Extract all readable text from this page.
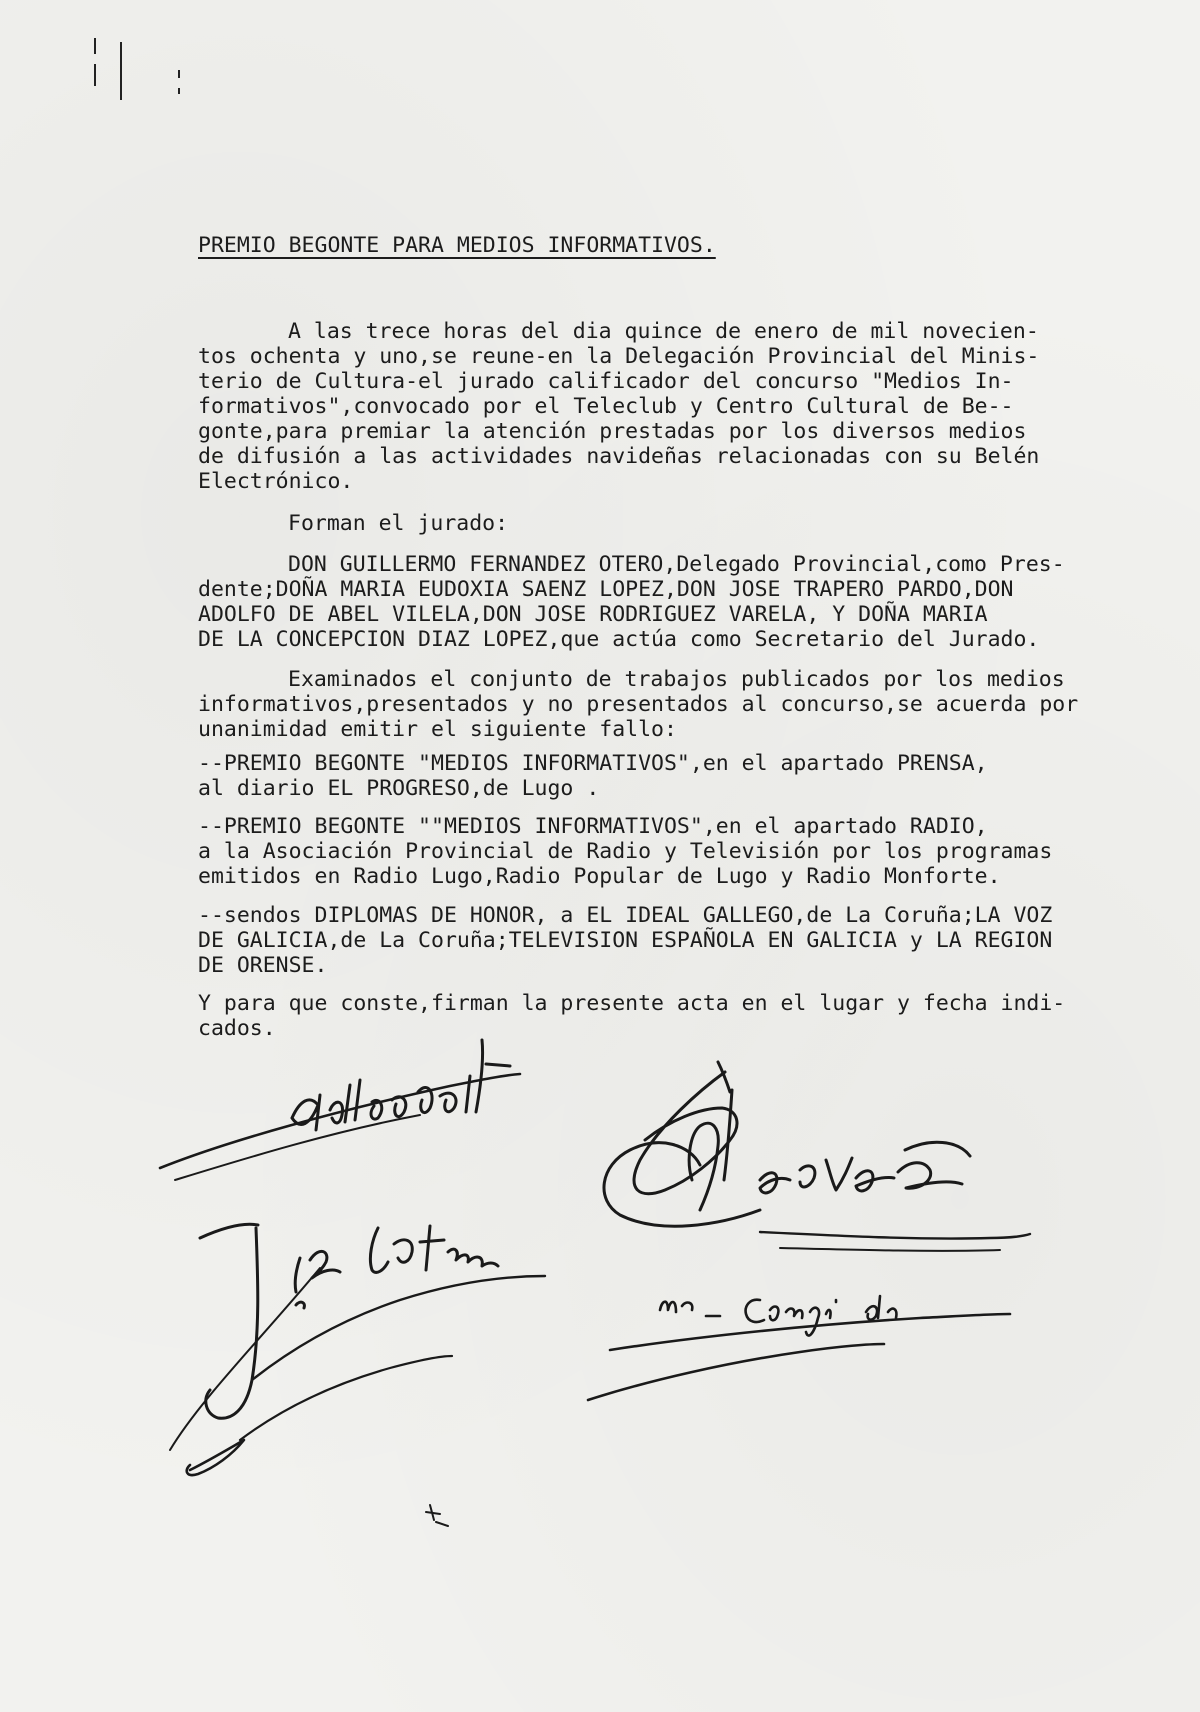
PREMIO BEGONTE PARA MEDIOS INFORMATIVOS.
A las trece horas del dia quince de enero de mil novecien-
tos ochenta y uno,se reune-en la Delegación Provincial del Minis-
terio de Cultura-el jurado calificador del concurso "Medios In-
formativos",convocado por el Teleclub y Centro Cultural de Be--
gonte,para premiar la atención prestadas por los diversos medios
de difusión a las actividades navideñas relacionadas con su Belén
Electrónico.
Forman el jurado:
DON GUILLERMO FERNANDEZ OTERO,Delegado Provincial,como Pres-
dente;DOÑA MARIA EUDOXIA SAENZ LOPEZ,DON JOSE TRAPERO PARDO,DON
ADOLFO DE ABEL VILELA,DON JOSE RODRIGUEZ VARELA, Y DOÑA MARIA
DE LA CONCEPCION DIAZ LOPEZ,que actúa como Secretario del Jurado.
Examinados el conjunto de trabajos publicados por los medios
informativos,presentados y no presentados al concurso,se acuerda por
unanimidad emitir el siguiente fallo:
--PREMIO BEGONTE "MEDIOS INFORMATIVOS",en el apartado PRENSA,
al diario EL PROGRESO,de Lugo .
--PREMIO BEGONTE ""MEDIOS INFORMATIVOS",en el apartado RADIO,
a la Asociación Provincial de Radio y Televisión por los programas
emitidos en Radio Lugo,Radio Popular de Lugo y Radio Monforte.
--sendos DIPLOMAS DE HONOR, a EL IDEAL GALLEGO,de La Coruña;LA VOZ
DE GALICIA,de La Coruña;TELEVISION ESPAÑOLA EN GALICIA y LA REGION
DE ORENSE.
Y para que conste,firman la presente acta en el lugar y fecha indi-
cados.
